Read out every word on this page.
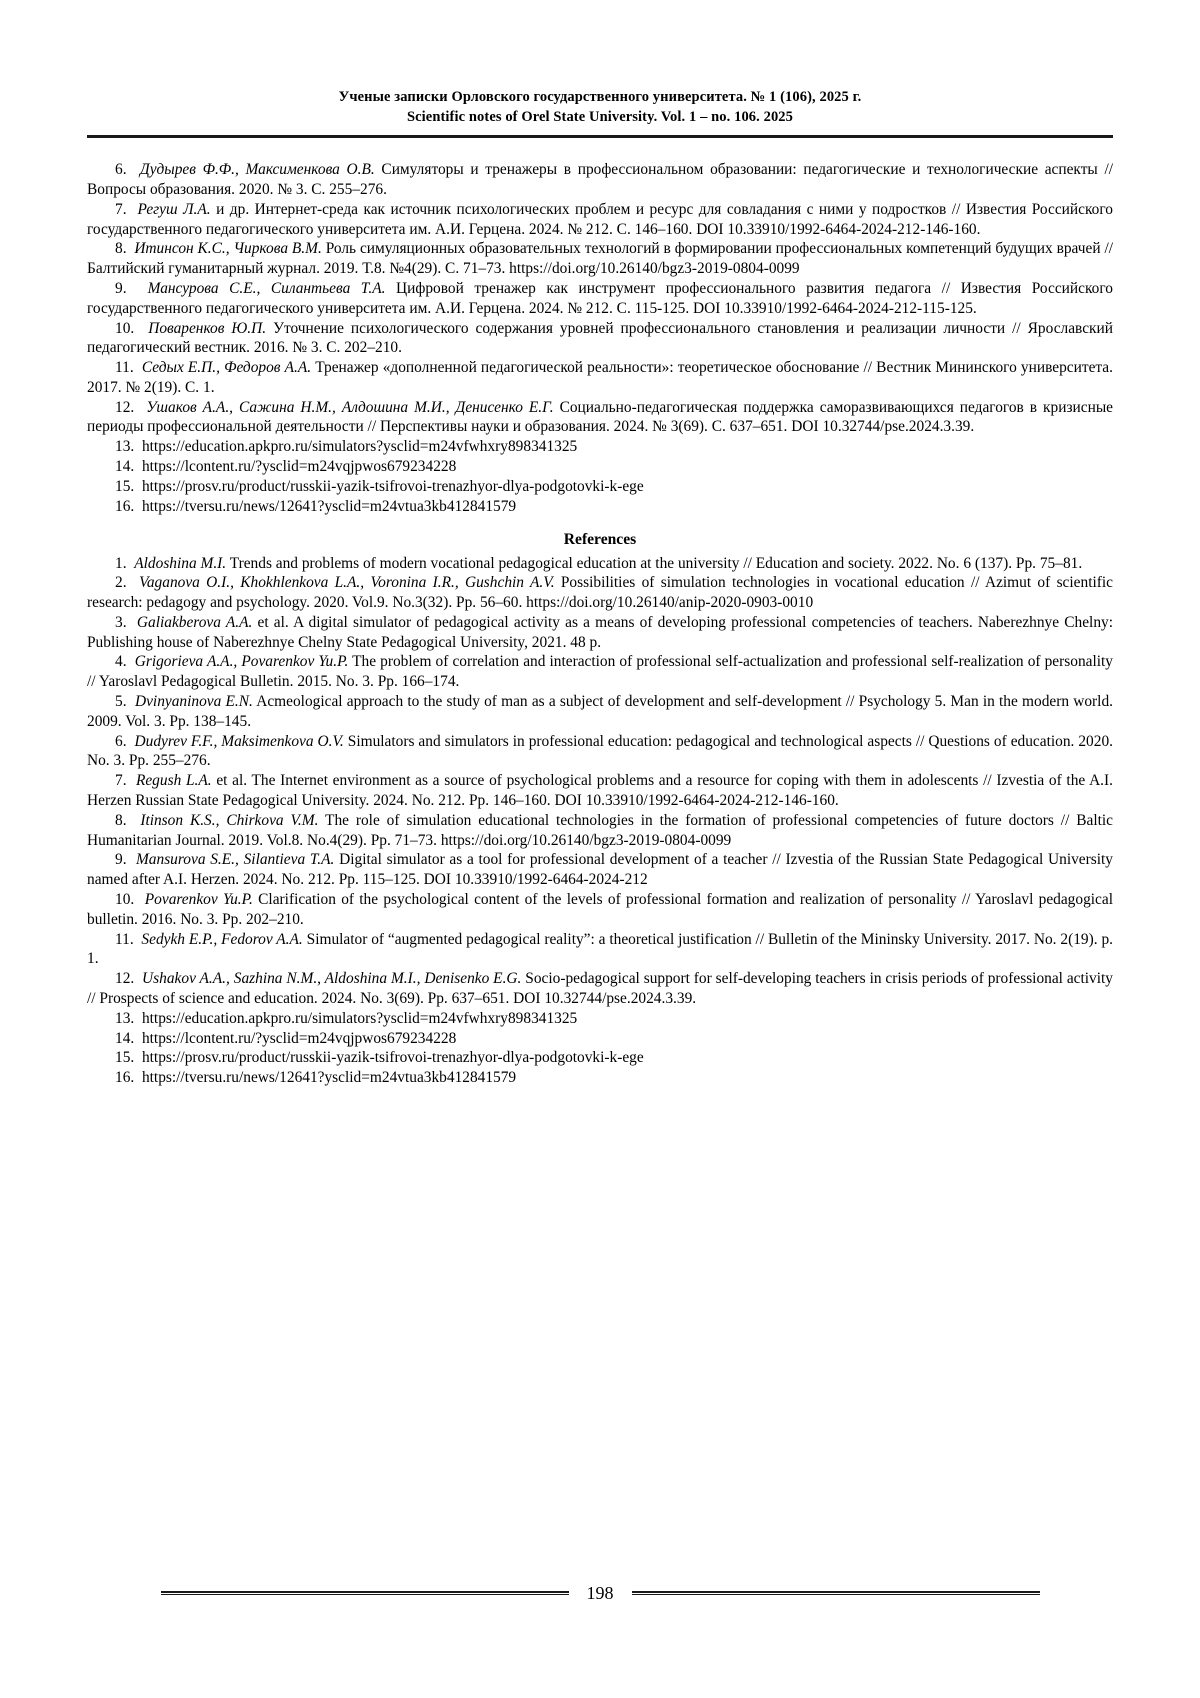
Ученые записки Орловского государственного университета. № 1 (106), 2025 г.
Scientific notes of Orel State University. Vol. 1 – no. 106. 2025

6. Дудырев Ф.Ф., Максименкова О.В. Симуляторы и тренажеры в профессиональном образовании: педагогические и технологические аспекты // Вопросы образования. 2020. № 3. С. 255–276.

7. Регуш Л.А. и др. Интернет-среда как источник психологических проблем и ресурс для совладания с ними у подростков // Известия Российского государственного педагогического университета им. А.И. Герцена. 2024. № 212. С. 146–160. DOI 10.33910/1992-6464-2024-212-146-160.

8. Итинсон К.С., Чиркова В.М. Роль симуляционных образовательных технологий в формировании профессиональных компетенций будущих врачей // Балтийский гуманитарный журнал. 2019. Т.8. №4(29). С. 71–73. https://doi.org/10.26140/bgz3-2019-0804-0099

9. Мансурова С.Е., Силантьева Т.А. Цифровой тренажер как инструмент профессионального развития педагога // Известия Российского государственного педагогического университета им. А.И. Герцена. 2024. № 212. С. 115-125. DOI 10.33910/1992-6464-2024-212-115-125.

10. Поваренков Ю.П. Уточнение психологического содержания уровней профессионального становления и реализации личности // Ярославский педагогический вестник. 2016. № 3. С. 202–210.

11. Седых Е.П., Федоров А.А. Тренажер «дополненной педагогической реальности»: теоретическое обоснование // Вестник Мининского университета. 2017. № 2(19). С. 1.

12. Ушаков А.А., Сажина Н.М., Алдошина М.И., Денисенко Е.Г. Социально-педагогическая поддержка саморазвивающихся педагогов в кризисные периоды профессиональной деятельности // Перспективы науки и образования. 2024. № 3(69). С. 637–651. DOI 10.32744/pse.2024.3.39.

13. https://education.apkpro.ru/simulators?ysclid=m24vfwhxry898341325

14. https://lcontent.ru/?ysclid=m24vqjpwos679234228

15. https://prosv.ru/product/russkii-yazik-tsifrovoi-trenazhyor-dlya-podgotovki-k-ege

16. https://tversu.ru/news/12641?ysclid=m24vtua3kb412841579

References

1. Aldoshina M.I. Trends and problems of modern vocational pedagogical education at the university // Education and society. 2022. No. 6 (137). Pp. 75–81.

2. Vaganova O.I., Khokhlenkova L.A., Voronina I.R., Gushchin A.V. Possibilities of simulation technologies in vocational education // Azimut of scientific research: pedagogy and psychology. 2020. Vol.9. No.3(32). Pp. 56–60. https://doi.org/10.26140/anip-2020-0903-0010

3. Galiakberova A.A. et al. A digital simulator of pedagogical activity as a means of developing professional competencies of teachers. Naberezhnye Chelny: Publishing house of Naberezhnye Chelny State Pedagogical University, 2021. 48 p.

4. Grigorieva A.A., Povarenkov Yu.P. The problem of correlation and interaction of professional self-actualization and professional self-realization of personality // Yaroslavl Pedagogical Bulletin. 2015. No. 3. Pp. 166–174.

5. Dvinyaninova E.N. Acmeological approach to the study of man as a subject of development and self-development // Psychology 5. Man in the modern world. 2009. Vol. 3. Pp. 138–145.

6. Dudyrev F.F., Maksimenkova O.V. Simulators and simulators in professional education: pedagogical and technological aspects // Questions of education. 2020. No. 3. Pp. 255–276.

7. Regush L.A. et al. The Internet environment as a source of psychological problems and a resource for coping with them in adolescents // Izvestia of the A.I. Herzen Russian State Pedagogical University. 2024. No. 212. Pp. 146–160. DOI 10.33910/1992-6464-2024-212-146-160.

8. Itinson K.S., Chirkova V.M. The role of simulation educational technologies in the formation of professional competencies of future doctors // Baltic Humanitarian Journal. 2019. Vol.8. No.4(29). Pp. 71–73. https://doi.org/10.26140/bgz3-2019-0804-0099

9. Mansurova S.E., Silantieva T.A. Digital simulator as a tool for professional development of a teacher // Izvestia of the Russian State Pedagogical University named after A.I. Herzen. 2024. No. 212. Pp. 115–125. DOI 10.33910/1992-6464-2024-212

10. Povarenkov Yu.P. Clarification of the psychological content of the levels of professional formation and realization of personality // Yaroslavl pedagogical bulletin. 2016. No. 3. Pp. 202–210.

11. Sedykh E.P., Fedorov A.A. Simulator of “augmented pedagogical reality”: a theoretical justification // Bulletin of the Mininsky University. 2017. No. 2(19). p. 1.

12. Ushakov A.A., Sazhina N.M., Aldoshina M.I., Denisenko E.G. Socio-pedagogical support for self-developing teachers in crisis periods of professional activity // Prospects of science and education. 2024. No. 3(69). Pp. 637–651. DOI 10.32744/pse.2024.3.39.

13.  https://education.apkpro.ru/simulators?ysclid=m24vfwhxry898341325

14. https://lcontent.ru/?ysclid=m24vqjpwos679234228

15. https://prosv.ru/product/russkii-yazik-tsifrovoi-trenazhyor-dlya-podgotovki-k-ege

16. https://tversu.ru/news/12641?ysclid=m24vtua3kb412841579

198
